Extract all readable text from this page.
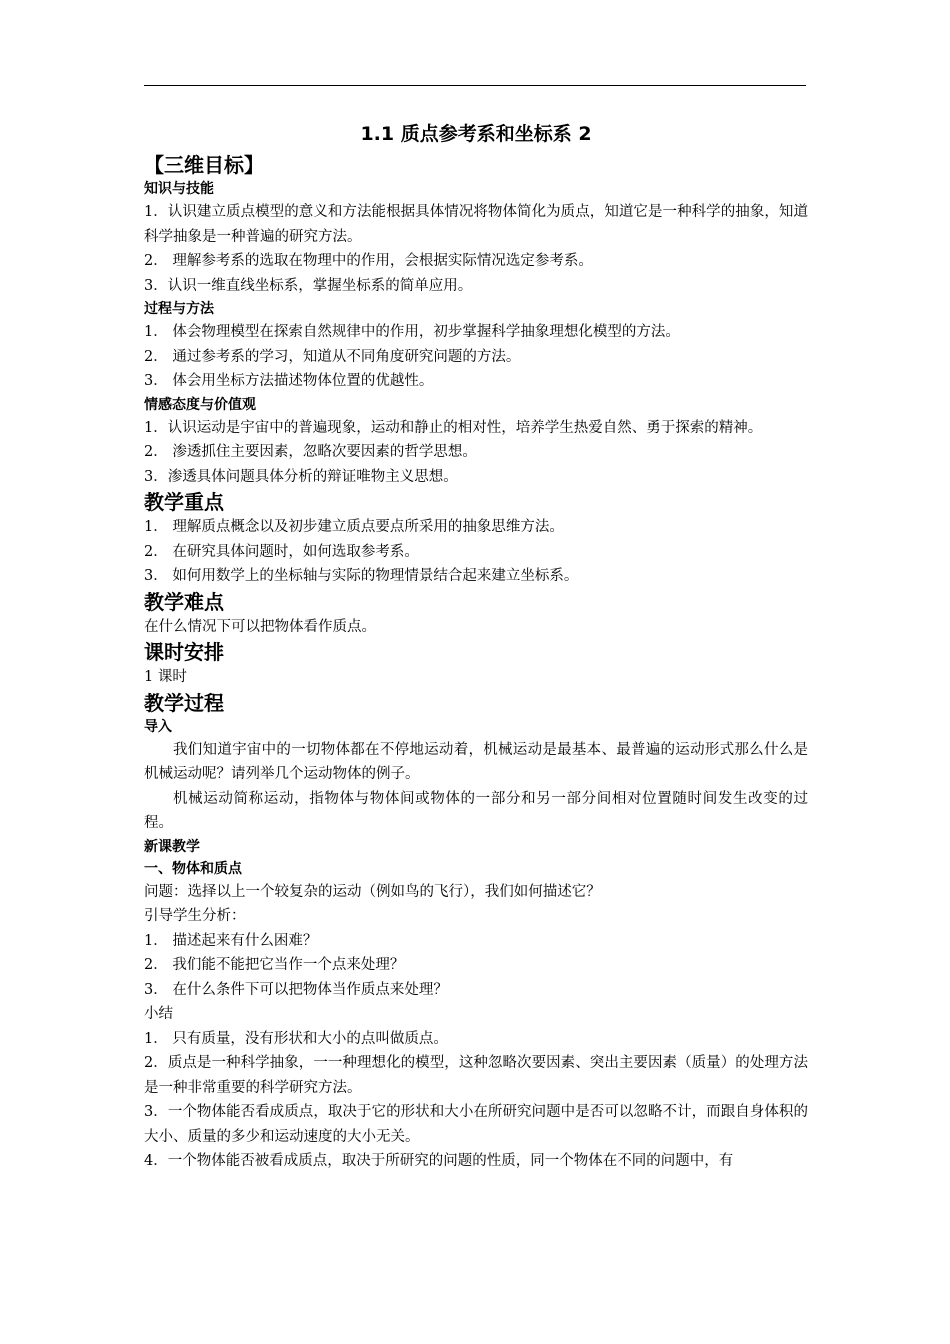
1.1 质点参考系和坐标系 2
【三维目标】
知识与技能

1．认识建立质点模型的意义和方法能根据具体情况将物体简化为质点，知道它是一种科学的抽象，知道科学抽象是一种普遍的研究方法。

2． 理解参考系的选取在物理中的作用，会根据实际情况选定参考系。

3．认识一维直线坐标系，掌握坐标系的简单应用。

过程与方法

1． 体会物理模型在探索自然规律中的作用，初步掌握科学抽象理想化模型的方法。

2． 通过参考系的学习，知道从不同角度研究问题的方法。

3． 体会用坐标方法描述物体位置的优越性。

情感态度与价值观

1．认识运动是宇宙中的普遍现象，运动和静止的相对性，培养学生热爱自然、勇于探索的精神。

2． 渗透抓住主要因素，忽略次要因素的哲学思想。

3．渗透具体问题具体分析的辩证唯物主义思想。

教学重点

1． 理解质点概念以及初步建立质点要点所采用的抽象思维方法。

2． 在研究具体问题时，如何选取参考系。

3． 如何用数学上的坐标轴与实际的物理情景结合起来建立坐标系。

教学难点

在什么情况下可以把物体看作质点。

课时安排

1 课时

教学过程
导入

我们知道宇宙中的一切物体都在不停地运动着，机械运动是最基本、最普遍的运动形式那么什么是机械运动呢？请列举几个运动物体的例子。

机械运动简称运动，指物体与物体间或物体的一部分和另一部分间相对位置随时间发生改变的过程。

新课教学
一、物体和质点

问题：选择以上一个较复杂的运动（例如鸟的飞行），我们如何描述它？

引导学生分析：

1． 描述起来有什么困难？

2． 我们能不能把它当作一个点来处理？

3． 在什么条件下可以把物体当作质点来处理？

小结

1． 只有质量，没有形状和大小的点叫做质点。

2．质点是一种科学抽象，一一种理想化的模型，这种忽略次要因素、突出主要因素（质量）的处理方法是一种非常重要的科学研究方法。

3．一个物体能否看成质点，取决于它的形状和大小在所研究问题中是否可以忽略不计，而跟自身体积的大小、质量的多少和运动速度的大小无关。

4．一个物体能否被看成质点，取决于所研究的问题的性质，同一个物体在不同的问题中，有
